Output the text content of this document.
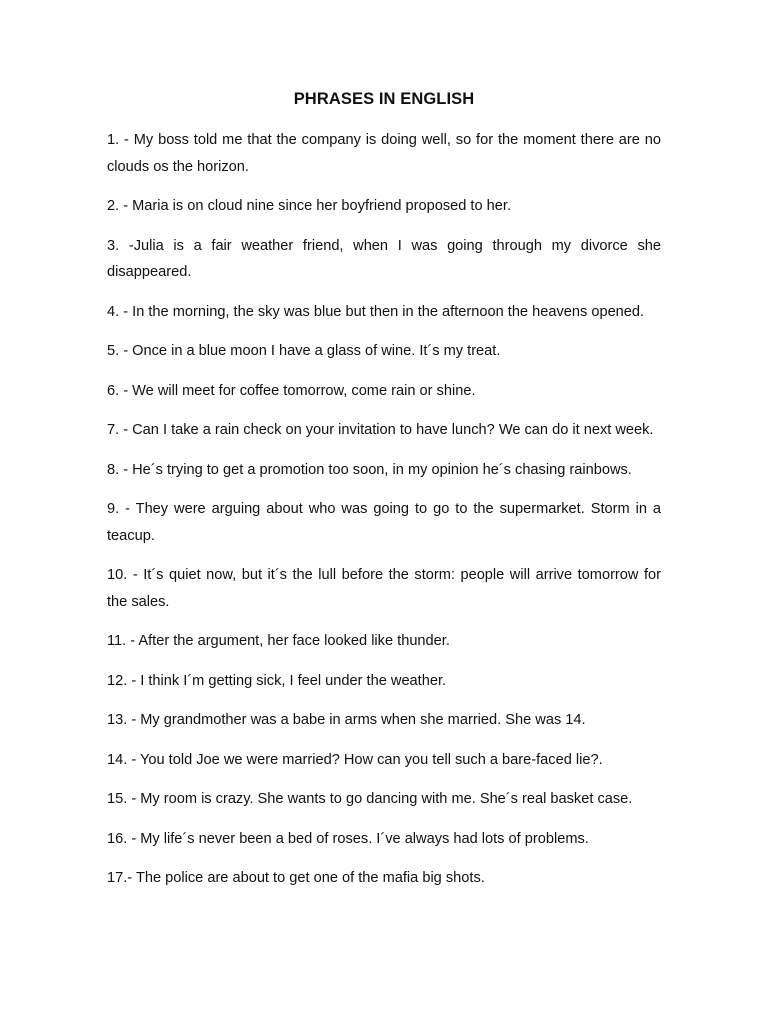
PHRASES IN ENGLISH

1. - My boss told me that the company is doing well, so for the moment there are no clouds os the horizon.

2. - Maria is on cloud nine since her boyfriend proposed to her.

3. -Julia is a fair weather friend, when I was going through my divorce she disappeared.

4. - In the morning, the sky was blue but then in the afternoon the heavens opened.

5. - Once in a blue moon I have a glass of wine. It´s my treat.

6. - We will meet for coffee tomorrow, come rain or shine.

7. - Can I take a rain check on your invitation to have lunch? We can do it next week.

8. - He´s trying to get a promotion too soon, in my opinion he´s chasing rainbows.

9. - They were arguing about who was going to go to the supermarket. Storm in a teacup.

10. - It´s quiet now, but it´s the lull before the storm: people will arrive tomorrow for the sales.

11. - After the argument, her face looked like thunder.

12. - I think I´m getting sick, I feel under the weather.

13. - My grandmother was a babe in arms when she married. She was 14.

14. - You told Joe we were married? How can you tell such a bare-faced lie?.

15. - My room is crazy. She wants to go dancing with me. She´s real basket case.

16. - My life´s never been a bed of roses. I´ve always had lots of problems.

17.- The police are about to get one of the mafia big shots.
